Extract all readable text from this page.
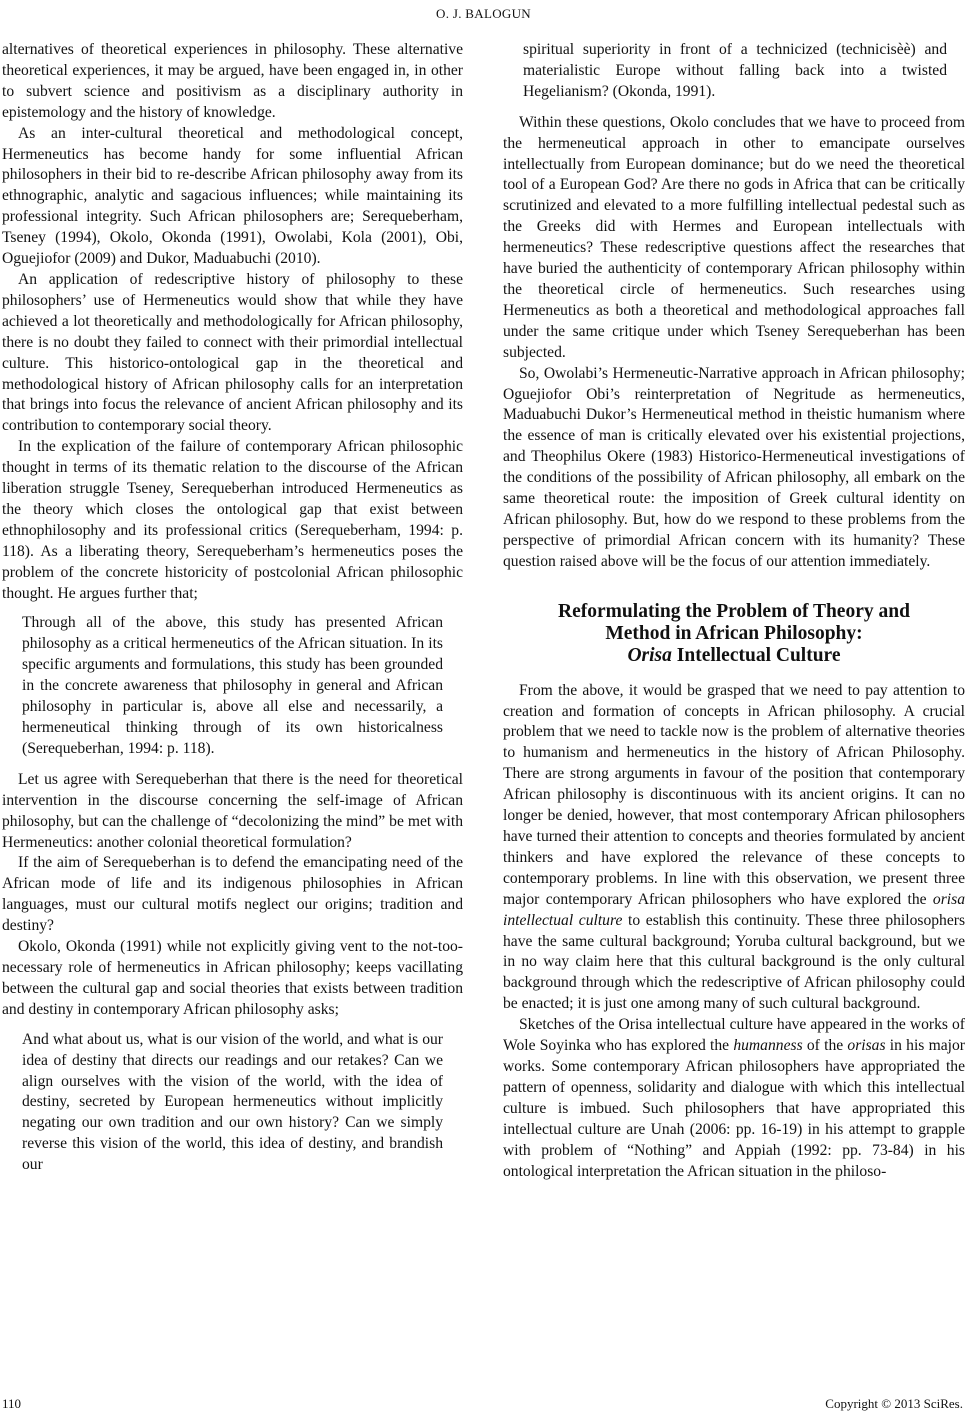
O. J. BALOGUN

alternatives of theoretical experiences in philosophy. These alternative theoretical experiences, it may be argued, have been engaged in, in other to subvert science and positivism as a disciplinary authority in epistemology and the history of knowledge.

As an inter-cultural theoretical and methodological concept, Hermeneutics has become handy for some influential African philosophers in their bid to re-describe African philosophy away from its ethnographic, analytic and sagacious influences; while maintaining its professional integrity. Such African philosophers are; Serequeberham, Tseney (1994), Okolo, Okonda (1991), Owolabi, Kola (2001), Obi, Oguejiofor (2009) and Dukor, Maduabuchi (2010).

An application of redescriptive history of philosophy to these philosophers’ use of Hermeneutics would show that while they have achieved a lot theoretically and methodologically for African philosophy, there is no doubt they failed to connect with their primordial intellectual culture. This historico-ontological gap in the theoretical and methodological history of African philosophy calls for an interpretation that brings into focus the relevance of ancient African philosophy and its contribution to contemporary social theory.

In the explication of the failure of contemporary African philosophic thought in terms of its thematic relation to the discourse of the African liberation struggle Tseney, Serequeberhan introduced Hermeneutics as the theory which closes the ontological gap that exist between ethnophilosophy and its professional critics (Serequeberham, 1994: p. 118). As a liberating theory, Serequeberham’s hermeneutics poses the problem of the concrete historicity of postcolonial African philosophic thought. He argues further that;

Through all of the above, this study has presented African philosophy as a critical hermeneutics of the African situation. In its specific arguments and formulations, this study has been grounded in the concrete awareness that philosophy in general and African philosophy in particular is, above all else and necessarily, a hermeneutical thinking through of its own historicalness (Serequeberhan, 1994: p. 118).

Let us agree with Serequeberhan that there is the need for theoretical intervention in the discourse concerning the self-image of African philosophy, but can the challenge of “decolonizing the mind” be met with Hermeneutics: another colonial theoretical formulation?

If the aim of Serequeberhan is to defend the emancipating need of the African mode of life and its indigenous philosophies in African languages, must our cultural motifs neglect our origins; tradition and destiny?

Okolo, Okonda (1991) while not explicitly giving vent to the not-too-necessary role of hermeneutics in African philosophy; keeps vacillating between the cultural gap and social theories that exists between tradition and destiny in contemporary African philosophy asks;

And what about us, what is our vision of the world, and what is our idea of destiny that directs our readings and our retakes? Can we align ourselves with the vision of the world, with the idea of destiny, secreted by European hermeneutics without implicitly negating our own tradition and our own history? Can we simply reverse this vision of the world, this idea of destiny, and brandish our

spiritual superiority in front of a technicized (technicisèè) and materialistic Europe without falling back into a twisted Hegelianism? (Okonda, 1991).

Within these questions, Okolo concludes that we have to proceed from the hermeneutical approach in other to emancipate ourselves intellectually from European dominance; but do we need the theoretical tool of a European God? Are there no gods in Africa that can be critically scrutinized and elevated to a more fulfilling intellectual pedestal such as the Greeks did with Hermes and European intellectuals with hermeneutics? These redescriptive questions affect the researches that have buried the authenticity of contemporary African philosophy within the theoretical circle of hermeneutics. Such researches using Hermeneutics as both a theoretical and methodological approaches fall under the same critique under which Tseney Serequeberhan has been subjected.

So, Owolabi’s Hermeneutic-Narrative approach in African philosophy; Oguejiofor Obi’s reinterpretation of Negritude as hermeneutics, Maduabuchi Dukor’s Hermeneutical method in theistic humanism where the essence of man is critically elevated over his existential projections, and Theophilus Okere (1983) Historico-Hermeneutical investigations of the conditions of the possibility of African philosophy, all embark on the same theoretical route: the imposition of Greek cultural identity on African philosophy. But, how do we respond to these problems from the perspective of primordial African concern with its humanity? These question raised above will be the focus of our attention immediately.

Reformulating the Problem of Theory and
Method in African Philosophy:
Orisa Intellectual Culture

From the above, it would be grasped that we need to pay attention to creation and formation of concepts in African philosophy. A crucial problem that we need to tackle now is the problem of alternative theories to humanism and hermeneutics in the history of African Philosophy. There are strong arguments in favour of the position that contemporary African philosophy is discontinuous with its ancient origins. It can no longer be denied, however, that most contemporary African philosophers have turned their attention to concepts and theories formulated by ancient thinkers and have explored the relevance of these concepts to contemporary problems. In line with this observation, we present three major contemporary African philosophers who have explored the orisa intellectual culture to establish this continuity. These three philosophers have the same cultural background; Yoruba cultural background, but we in no way claim here that this cultural background is the only cultural background through which the redescriptive of African philosophy could be enacted; it is just one among many of such cultural background.

Sketches of the Orisa intellectual culture have appeared in the works of Wole Soyinka who has explored the humanness of the orisas in his major works. Some contemporary African philosophers have appropriated the pattern of openness, solidarity and dialogue with which this intellectual culture is imbued. Such philosophers that have appropriated this intellectual culture are Unah (2006: pp. 16-19) in his attempt to grapple with problem of “Nothing” and Appiah (1992: pp. 73-84) in his ontological interpretation the African situation in the philoso-

110	Copyright © 2013 SciRes.
